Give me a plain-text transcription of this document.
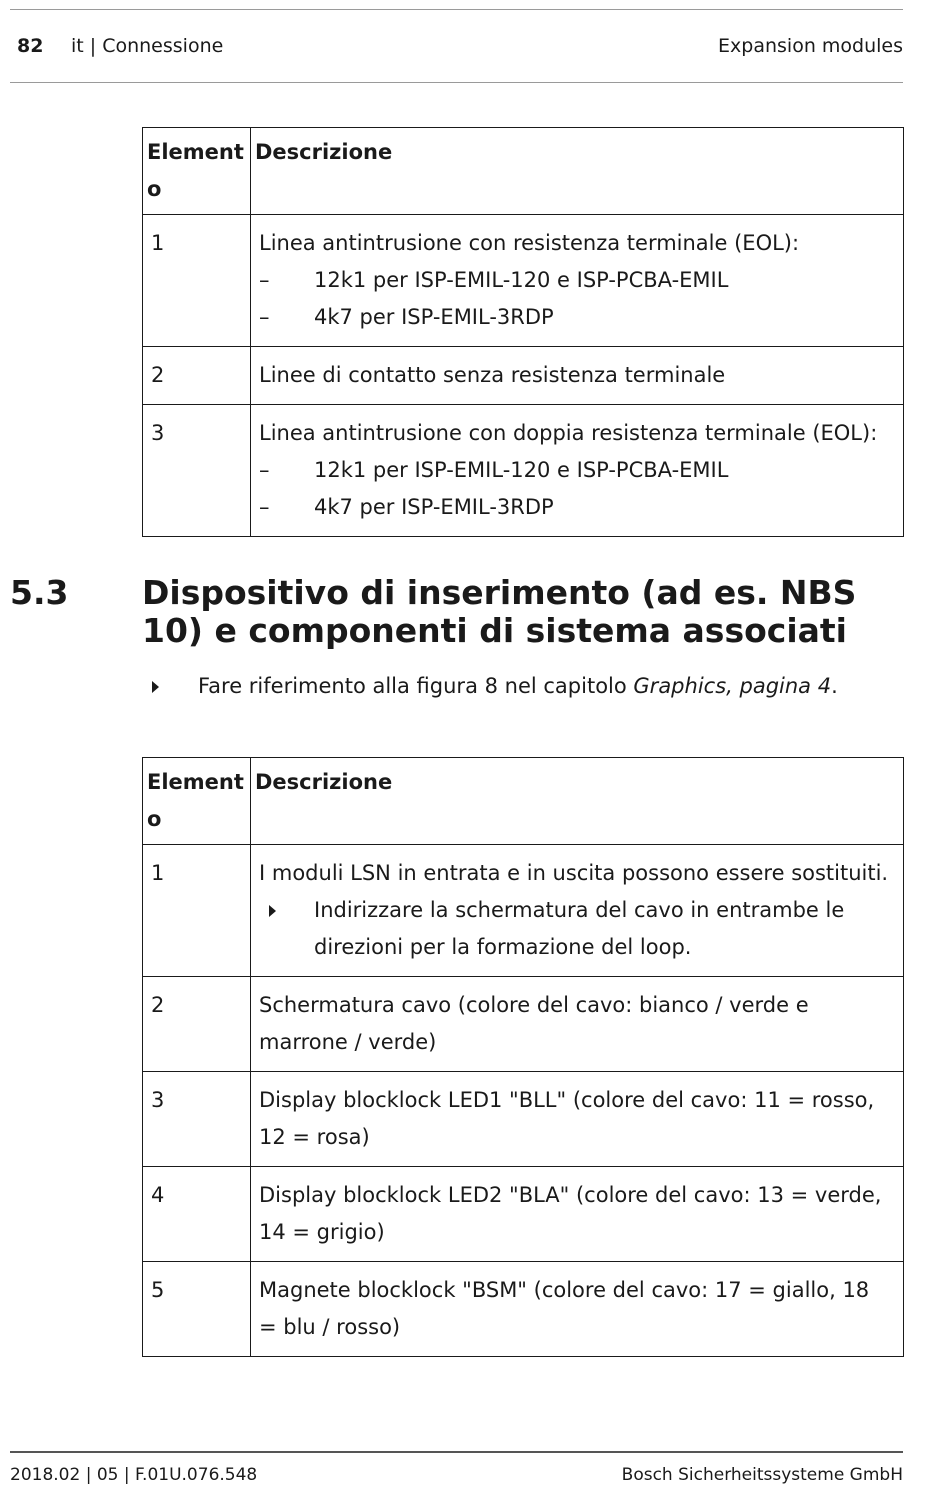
82 it | Connessione	Expansion modules
Element
o	Descrizione
1	Linea antintrusione con resistenza terminale (EOL):
– 12k1 per ISP-EMIL-120 e ISP-PCBA-EMIL
– 4k7 per ISP-EMIL-3RDP

2	Linee di contatto senza resistenza terminale
3	Linea antintrusione con doppia resistenza terminale (EOL):
– 12k1 per ISP-EMIL-120 e ISP-PCBA-EMIL
– 4k7 per ISP-EMIL-3RDP
5.3 Dispositivo di inserimento (ad es. NBS 10) e componenti di sistema associati
Fare riferimento alla figura 8 nel capitolo Graphics, pagina 4.
Element
o	Descrizione
1	I moduli LSN in entrata e in uscita possono essere sostituiti.
Indirizzare la schermatura del cavo in entrambe le direzioni per la formazione del loop.

2	Schermatura cavo (colore del cavo: bianco / verde e marrone / verde)
3	Display blocklock LED1 "BLL" (colore del cavo: 11 = rosso, 12 = rosa)
4	Display blocklock LED2 "BLA" (colore del cavo: 13 = verde, 14 = grigio)
5	Magnete blocklock "BSM" (colore del cavo: 17 = giallo, 18 = blu / rosso)
2018.02 | 05 | F.01U.076.548	Bosch Sicherheitssysteme GmbH
